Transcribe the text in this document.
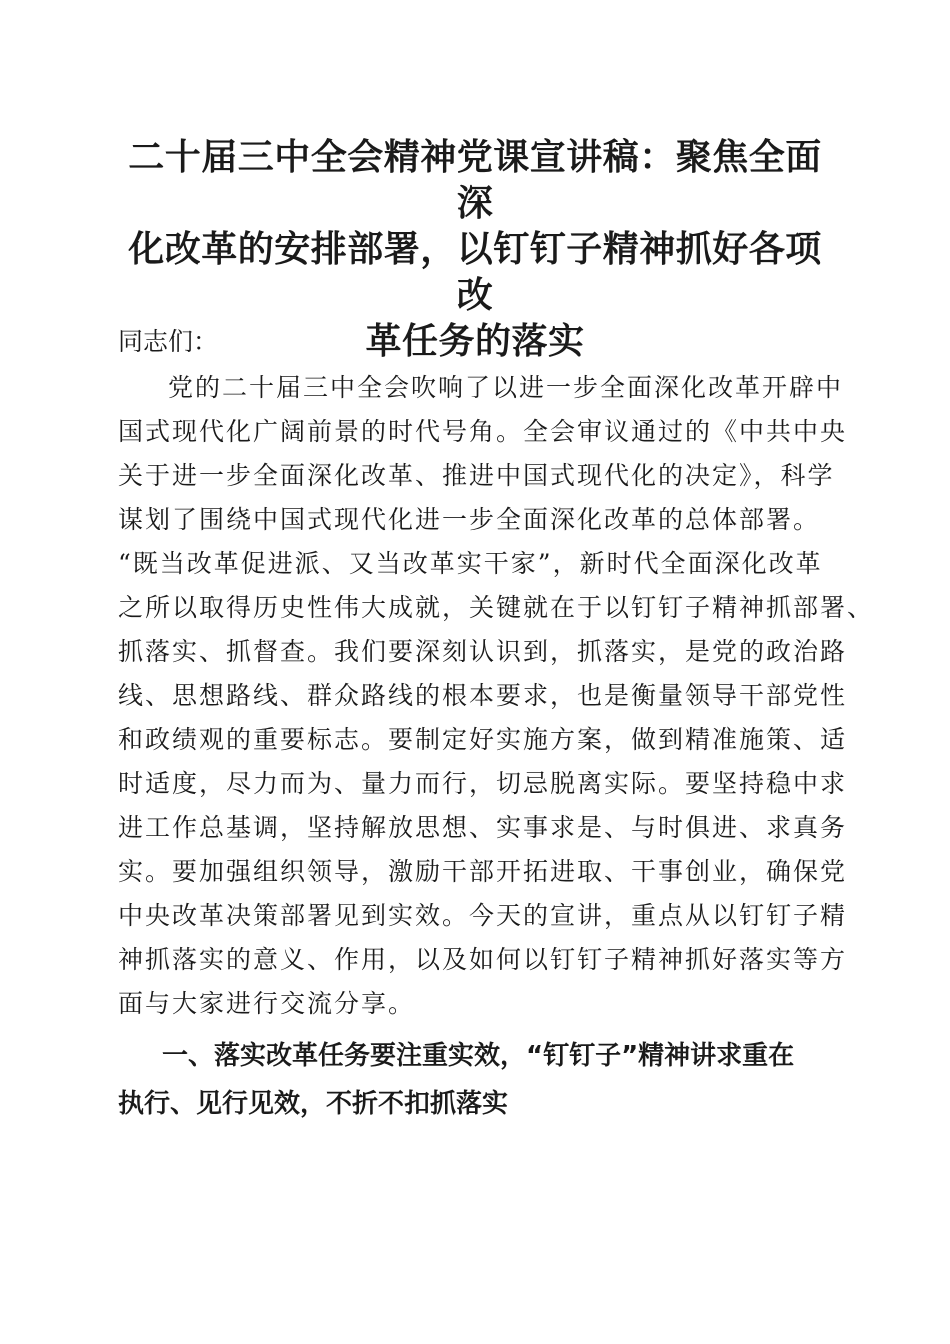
二十届三中全会精神党课宣讲稿：聚焦全面深
化改革的安排部署，以钉钉子精神抓好各项改
革任务的落实

同志们：

党的二十届三中全会吹响了以进一步全面深化改革开辟中
国式现代化广阔前景的时代号角。全会审议通过的《中共中央
关于进一步全面深化改革、推进中国式现代化的决定》，科学
谋划了围绕中国式现代化进一步全面深化改革的总体部署。
“既当改革促进派、又当改革实干家”，新时代全面深化改革
之所以取得历史性伟大成就，关键就在于以钉钉子精神抓部署、
抓落实、抓督查。我们要深刻认识到，抓落实，是党的政治路
线、思想路线、群众路线的根本要求，也是衡量领导干部党性
和政绩观的重要标志。要制定好实施方案，做到精准施策、适
时适度，尽力而为、量力而行，切忌脱离实际。要坚持稳中求
进工作总基调，坚持解放思想、实事求是、与时俱进、求真务
实。要加强组织领导，激励干部开拓进取、干事创业，确保党
中央改革决策部署见到实效。今天的宣讲，重点从以钉钉子精
神抓落实的意义、作用，以及如何以钉钉子精神抓好落实等方
面与大家进行交流分享。
一、落实改革任务要注重实效，“钉钉子”精神讲求重在
执行、见行见效，不折不扣抓落实
